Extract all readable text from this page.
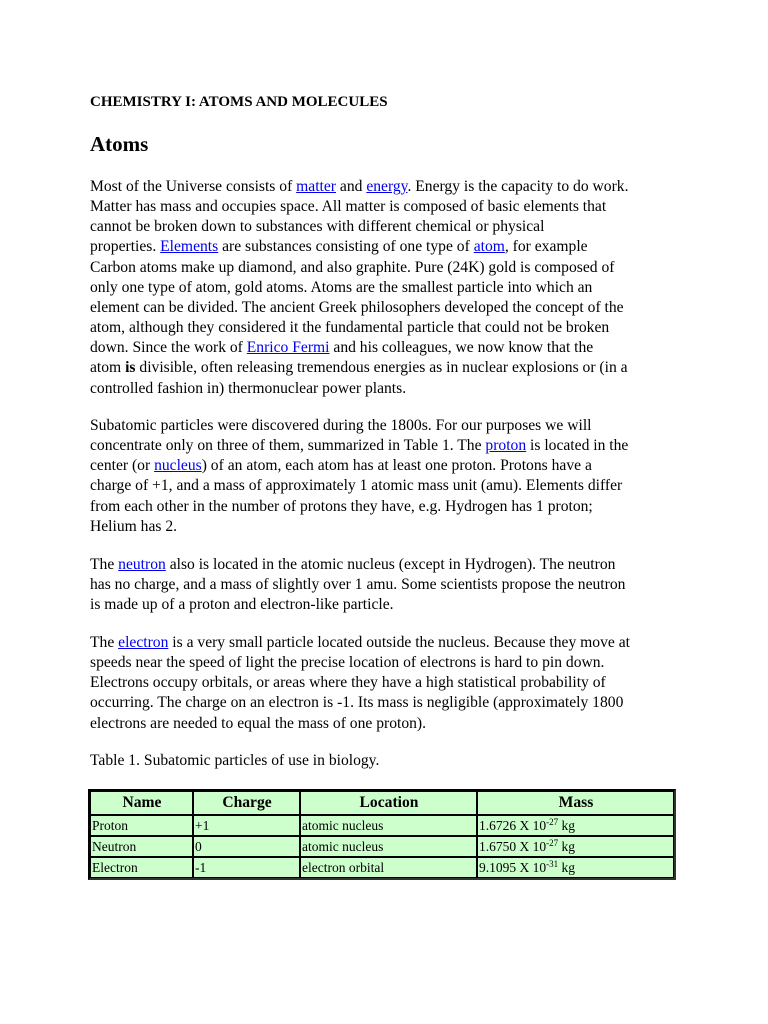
CHEMISTRY I: ATOMS AND MOLECULES
Atoms

Most of the Universe consists of matter and energy. Energy is the capacity to do work.
Matter has mass and occupies space. All matter is composed of basic elements that
cannot be broken down to substances with different chemical or physical
properties. Elements are substances consisting of one type of atom, for example
Carbon atoms make up diamond, and also graphite. Pure (24K) gold is composed of
only one type of atom, gold atoms. Atoms are the smallest particle into which an
element can be divided. The ancient Greek philosophers developed the concept of the
atom, although they considered it the fundamental particle that could not be broken
down. Since the work of Enrico Fermi and his colleagues, we now know that the
atom is divisible, often releasing tremendous energies as in nuclear explosions or (in a
controlled fashion in) thermonuclear power plants.

Subatomic particles were discovered during the 1800s. For our purposes we will
concentrate only on three of them, summarized in Table 1. The proton is located in the
center (or nucleus) of an atom, each atom has at least one proton. Protons have a
charge of +1, and a mass of approximately 1 atomic mass unit (amu). Elements differ
from each other in the number of protons they have, e.g. Hydrogen has 1 proton;
Helium has 2.

The neutron also is located in the atomic nucleus (except in Hydrogen). The neutron
has no charge, and a mass of slightly over 1 amu. Some scientists propose the neutron
is made up of a proton and electron-like particle.

The electron is a very small particle located outside the nucleus. Because they move at
speeds near the speed of light the precise location of electrons is hard to pin down.
Electrons occupy orbitals, or areas where they have a high statistical probability of
occurring. The charge on an electron is -1. Its mass is negligible (approximately 1800
electrons are needed to equal the mass of one proton).

Table 1. Subatomic particles of use in biology.

Name	Charge	Location	Mass
Proton	+1	atomic nucleus	1.6726 X $10^{-27}$ kg
Neutron	0	atomic nucleus	1.6750 X $10^{-27}$ kg
Electron	-1	electron orbital	9.1095 X $10^{-31}$ kg
